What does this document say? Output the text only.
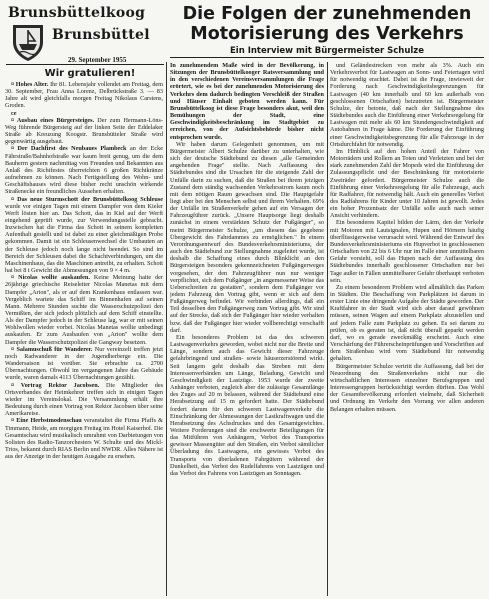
Brunsbüttelkoog
Brunsbüttel
29. September 1955
Die Folgen der zunehmenden Motorisierung des Verkehrs
Ein Interview mit Bürgermeister Schulze
Wir gratulieren!

¤ Hohes Alter. Ihr 81. Lebensjahr vollendet am Freitag, dem 30. September, Frau Anna Lorenz, Delbrückstraße 3. — 83 Jahre alt wird gleichfalls morgen Freitag Nikolaus Carstens, Groden.

ce

¤ Ausbau eines Bürgersteiges. Der zum Hermann-Löns-Weg führende Bürgersteig auf der linken Seite der Eddelaker Straße ab Kreuzung Koogstr. Brunsbütteler Straße wird gegenwärtig ausgebaut.

¤ Der Dachfirst des Neubaues Plambeck an der Ecke Fährstraße/Bahnhofstraße war kaum breit genug, um die dem Bauherrn gestern nachmittag von Freunden und Bekannten aus Anlaß des Richtfestes überreichten 6 großen Richtkränze aufnehmen zu können. Nach Fertigstellung des Wohn- und Geschäftshauses wird diese bisher recht unschön wirkende Straßenecke ein freundliches Aussehen erhalten.

¤ Das neue Sturmschott der Brunsbüttelkoog Schleuse wurde vor einigen Tagen mit einem Dampfer von dem Kieler Werft lösten hier an. Das Schott, das in Kiel auf der Werft eingehend geprüft wurde, zur Verwendungsstelle gebracht. Inzwischen hat die Firma das Schott in seinem kompletten Aufenthalt gestellt und ist dabei zu einer gleichmäßigen Probe gekommen. Damit ist ein Schleusenwechsel die Umbauten an der Schleuse jedoch noch lange nicht beendet. So sind im Bereich der Schleusen dabei die Schachtverbindungen, um die Maschinenhaus, das die Maschinen antreibt, zu erhalten. Schott hat bei 8 t Gewicht die Abmessungen von 9 × 4 m.

¤ Nicolas wollte auskaufen. Keine Meinung hatte der 26jährige griechische Reiseleiter Nicolas Manetas mit dem Dampfer „Arion", als er auf dem Krankenhaus entlassen war. Vergeblich wartete das Schiff im Binnenhafen auf seinen Mann. Mehrere Stunden suchte die Wasserschutzpolizei den Vermißten, der sich jedoch plötzlich auf dem Schiff einstellte. Als der Dampfer jedoch in der Schleuse lag, war er mit seinen Wohlwollen wieder vorbei. Nicolas Manetas wollte unbedingt auskaufen. Er zum Ausbaufen von „Arion" wollte dem Dampfer die Wasserschutzpolizei die Gangway besetzen.

¤ Salamuschuß für Wanderer. Nur vereinzelt treffen jetzt noch Radwanderer in der Jugendherberge ein. Die Wandersaison ist vorüber. Sie erbrachte ca. 2700 Übernachtungen. Obwohl im vergangenen Jahre das Gebäude wurde, waren damals 4113 Übernachtungen gezählt.

¤ Vortrag Rektor Jacobsen. Die Mitglieder des Ortsverbandes der Heimkehrer treffen sich in einigen Tagen wieder im Vereinslokal. Die Versammlung erhält ihre Bedeutung durch einen Vortrag von Rektor Jacobsen über seine Amerikareise.

¤ Eine Herbstmodenschau veranstaltet die Firma Pfaffs & Timmann, Heide, am morgigen Freitag im Hotel Kaiserhof. Die Gesamtschau wird musikalisch umrahmt von Darbietungen von Solisten des Radio-Tanzorchesters W. Schulte und des Mickl-Trios, bekannt durch RIAS Berlin und NWDR. Alles Nähere ist aus der Anzeige in der heutigen Ausgabe zu ersehen.

In zunehmendem Maße wird in der Bevölkerung, in Sitzungen der Brunsbüttelkooger Ratsversammlung und in den verschiedenen Vereinsversammlungen die Frage erörtert, wie es bei der zunehmenden Motorisierung des Verkehrs dem dadurch bedingten Verschleiß der Straßen und Häuser Einhalt geboten werden kann. Für Brunsbüttelkoog ist diese Frage besonders akut, weil den Bemühungen der Stadt, eine Geschwindigkeitsbeschränkung im Stadtgebiet zu erreichen, von der Aufsichtsbehörde bisher nicht entsprochen wurde.

Wir haben darum Gelegenheit genommen, um mit Bürgermeister Albert Schulze darüber zu unterhalten, wie sich der deutsche Städtebund zu diesen „alle Gemeinden angehenden Frage" stellte. Nach Auffassung des Städtebundes sind die Ursachen für die steigende Zahl der Unfälle darin zu suchen, daß die Straßen bei ihrem jetzigen Zustand dem ständig wachsenden Verkehrsstrom kaum noch mit dem nötigen Raum gewachsen sind. Die Hauptgefahr liegt aber bei den Menschen selbst und ihrem Verhalten. 69% der Unfälle im Straßenverkehr gehen auf ein Versagen der Fahrzeugführer zurück. „Unsere Hauptsorge liegt deshalb zunächst in einem verstärkten Schutz der Fußgänger", so meint Bürgermeister Schulze, „um diesem das gegebene Übergewicht des Fahrdammes zu ermöglichen." In einem Verordnungsentwurf des Bundesverkehrsministeriums, der auch den Städtebund zur Stellungnahme zugeleitet wurde, ist deshalb die Schaffung eines durch Blinklicht an den Bürgersteigen besonders gekennzeichneten Fußgängerweges vorgesehen, der den Fahrzeugführer nun nur weniger verpflichtet, sich dem Fußgänger „in angemessener Weise das Ueberschreiten zu gestatten", sondern dem Fußgänger vor jedem Fahrzeug den Vortrag gibt, wenn er sich auf dem Fußgängerweg befindet. Wir verbinden allerdings, daß ein Teil desselben den Fußgängerweg zum Vortrag gibt. Wir sind auf der Strecke, daß sich der Fußgänger hier wieder verhalten bzw. daß der Fußgänger hier wieder vollberechtigt verschafft darf.

Ein besonderes Problem ist das des schweren Lastwagenverkehrs geworden, wobei nicht nur die Breite und Länge, sondern auch das Gewicht dieser Fahrzeuge gefahrbringend und straßen- sowie häuserzerstörend wirkt. Seit langem geht deshalb das Streben mit dem Interessenverbänden um Länge, Beladung, Gewicht und Geschwindigkeit der Lastzüge. 1953 wurde der zweite Anhänger verboten, zugleich aber die zulässige Gesamtlänge des Zuges auf 20 m belassen, während der Städtebund eine Herabsetzung auf 15 m gefordert hatte. Der Städtebund fordert darum für den schweren Lastwagenverkehr die Einschränkung der Abmessungen der Lastkraftwagen und die Herabsetzung des Achsdruckes und des Gesamtgewichtes. Weitere Forderungen sind die erschwerte Beteiligungen für das Mitführen von Anhängern, Verbot des Transportes gewisser Massengüter auf den Straßen, ein Verbot sämtlicher Überladung des Lastwagens, ein gewisses Verbot des Transports von überladenen Fahrgütern während der Dunkelheit, das Verbot des Rudelfahrens von Lastzügen und das Verbot des Fahrens von Lastzügen an Sonntagen.

und Geländestrecken von mehr als 3%. Auch ein Verkehrsverbot für Lastwagen an Sonn- und Feiertagen wird für notwendig erachtet. Dabei ist die Frage, inwieweit der Forderung nach Geschwindigkeitsbegrenzungen für Lastwagen (40 km innerhalb und 60 km außerhalb von geschlossenen Ortschaften) beizutreten ist. Bürgermeister Schulze, der betonte, daß nach der Stellungnahme des Städtebundes auch die Einführung einer Verkehrsregelung für Lastwagen mit mehr als 60 km Stundengeschwindigkeit auf Autobahnen in Frage käme. Die Forderung der Einführung einer Geschwindigkeitsbegrenzung für alle Fahrzeuge in der Ortsdurchfahrt für notwendig.

Im Hinblick auf den hohen Anteil der Fahrer von Motorrädern und Rollern an Toten und Verletzten und bei der stark zunehmenden Zahl der Mopeds wird die Einführung der Zulassungspflicht und der Beschränkung für motorisierte Zweiräder gefordert. Bürgermeister Schulze auch die Einführung einer Verkehrsregelung für alle Fahrzeuge, auch für Radfahrer, für notwendig hält. Auch ein generelles Verbot des Radfahrens für Kinder unter 10 Jahren ist gewollt. Jedes ein hoher Prozentsatz der Unfälle solle auch nach seiner Ansicht verhindern.

Ein besonderes Kapitel bilden der Lärm, den der Verkehr mit Motoren mit Lautsignalen, Hupen und Hörnern häufig überflüssigerweise verursacht wird. Während der Entwurf des Bundesverkehrsministeriums ein Hupverbot in geschlossenen Ortschaften von 22 bis 6 Uhr nur im Falle einer unmittelbaren Gefahr vorsieht, soll das Hupen nach der Auffassung des Städtebundes innerhalb geschlossener Ortschaften nur bei Tage außer in Fällen unmittelbarer Gefahr überhaupt verboten sein.

Zu einem besonderen Problem wird allmählich das Parken in Städten. Die Beschaffung von Parkplätzen ist darum in erster Linie eine dringende Aufgabe der Städte geworden. Der Kraftfahrer in der Stadt wird sich aber darauf gewöhnen müssen, seinen Wagen auf einem Parkplatz abzustellen und auf jedem Falle zum Parkplatz zu gehen. Es sei darum zu prüfen, ob es geraten ist, daß nicht überall geparkt werden darf, wo es gerade zweckmäßig erscheint. Auch eine Verschärfung der Führerscheinprüfungen und Vorschriften auf dem Straßenbau wird vom Städtebund für notwendig gehalten.

Bürgermeister Schulze vertritt die Auffassung, daß bei der Neuordnung des Straßenverkehrs nicht nur die wirtschaftlichen Interessen einzelner Berufsgruppen und Interessengruppen berücksichtigt werden dürften. Das Wohl der Gesamtbevölkerung erfordert vielmehr, daß Sicherheit und Ordnung im Verkehr den Vorrang vor allen anderen Belangen erhalten müssen.
